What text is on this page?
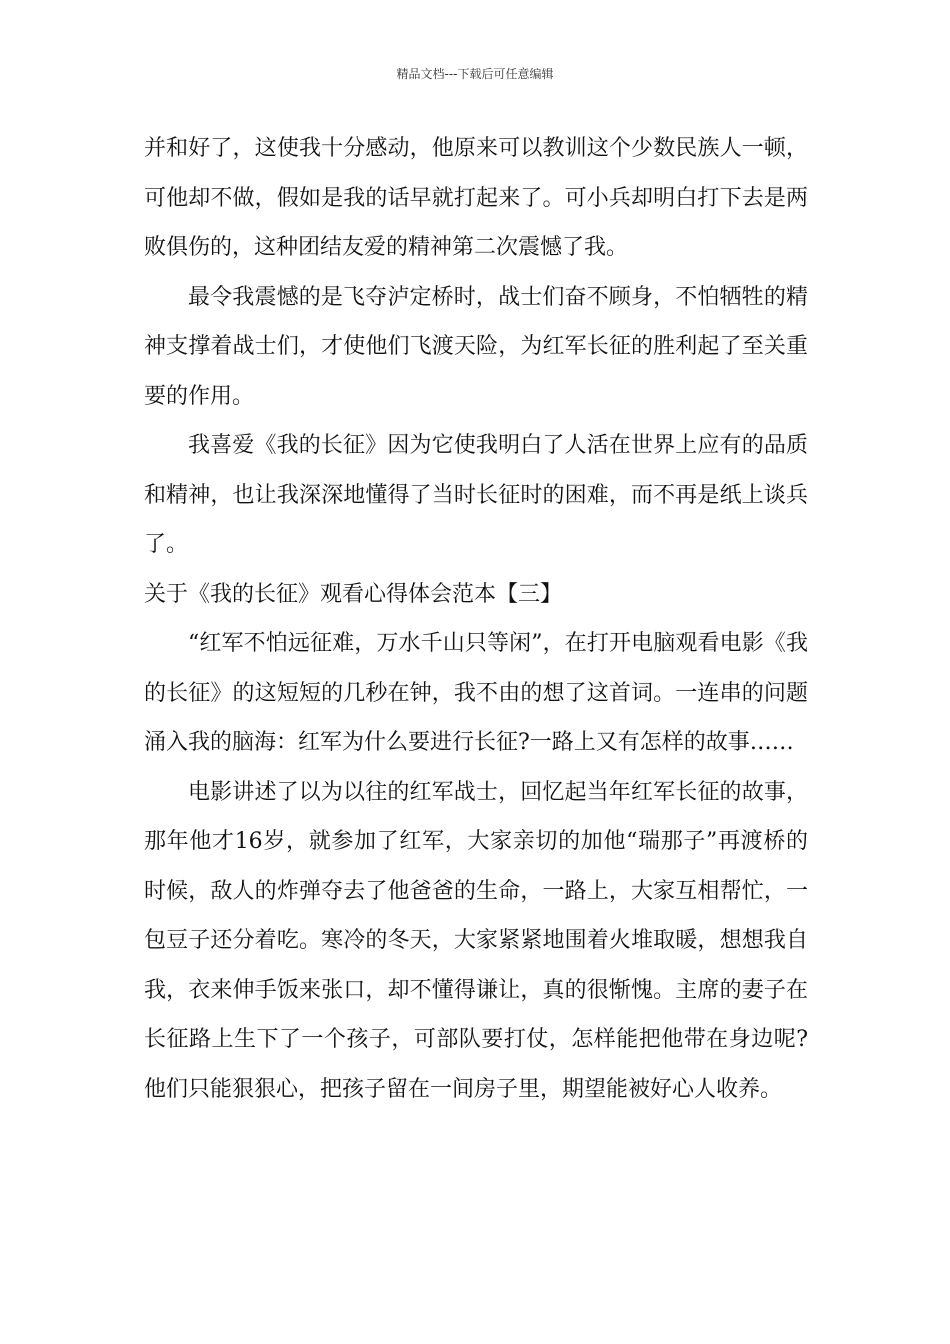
精品文档---下载后可任意编辑

并和好了，这使我十分感动，他原来可以教训这个少数民族人一顿，可他却不做，假如是我的话早就打起来了。可小兵却明白打下去是两败俱伤的，这种团结友爱的精神第二次震憾了我。

最令我震憾的是飞夺泸定桥时，战士们奋不顾身，不怕牺牲的精神支撑着战士们，才使他们飞渡天险，为红军长征的胜利起了至关重要的作用。

我喜爱《我的长征》因为它使我明白了人活在世界上应有的品质和精神，也让我深深地懂得了当时长征时的困难，而不再是纸上谈兵了。

关于《我的长征》观看心得体会范本【三】

“红军不怕远征难，万水千山只等闲”，在打开电脑观看电影《我的长征》的这短短的几秒在钟，我不由的想了这首词。一连串的问题涌入我的脑海：红军为什么要进行长征?一路上又有怎样的故事……

电影讲述了以为以往的红军战士，回忆起当年红军长征的故事，那年他才16岁，就参加了红军，大家亲切的加他“瑞那子”再渡桥的时候，敌人的炸弹夺去了他爸爸的生命，一路上，大家互相帮忙，一包豆子还分着吃。寒冷的冬天，大家紧紧地围着火堆取暖，想想我自我，衣来伸手饭来张口，却不懂得谦让，真的很惭愧。主席的妻子在长征路上生下了一个孩子，可部队要打仗，怎样能把他带在身边呢?他们只能狠狠心，把孩子留在一间房子里，期望能被好心人收养。
